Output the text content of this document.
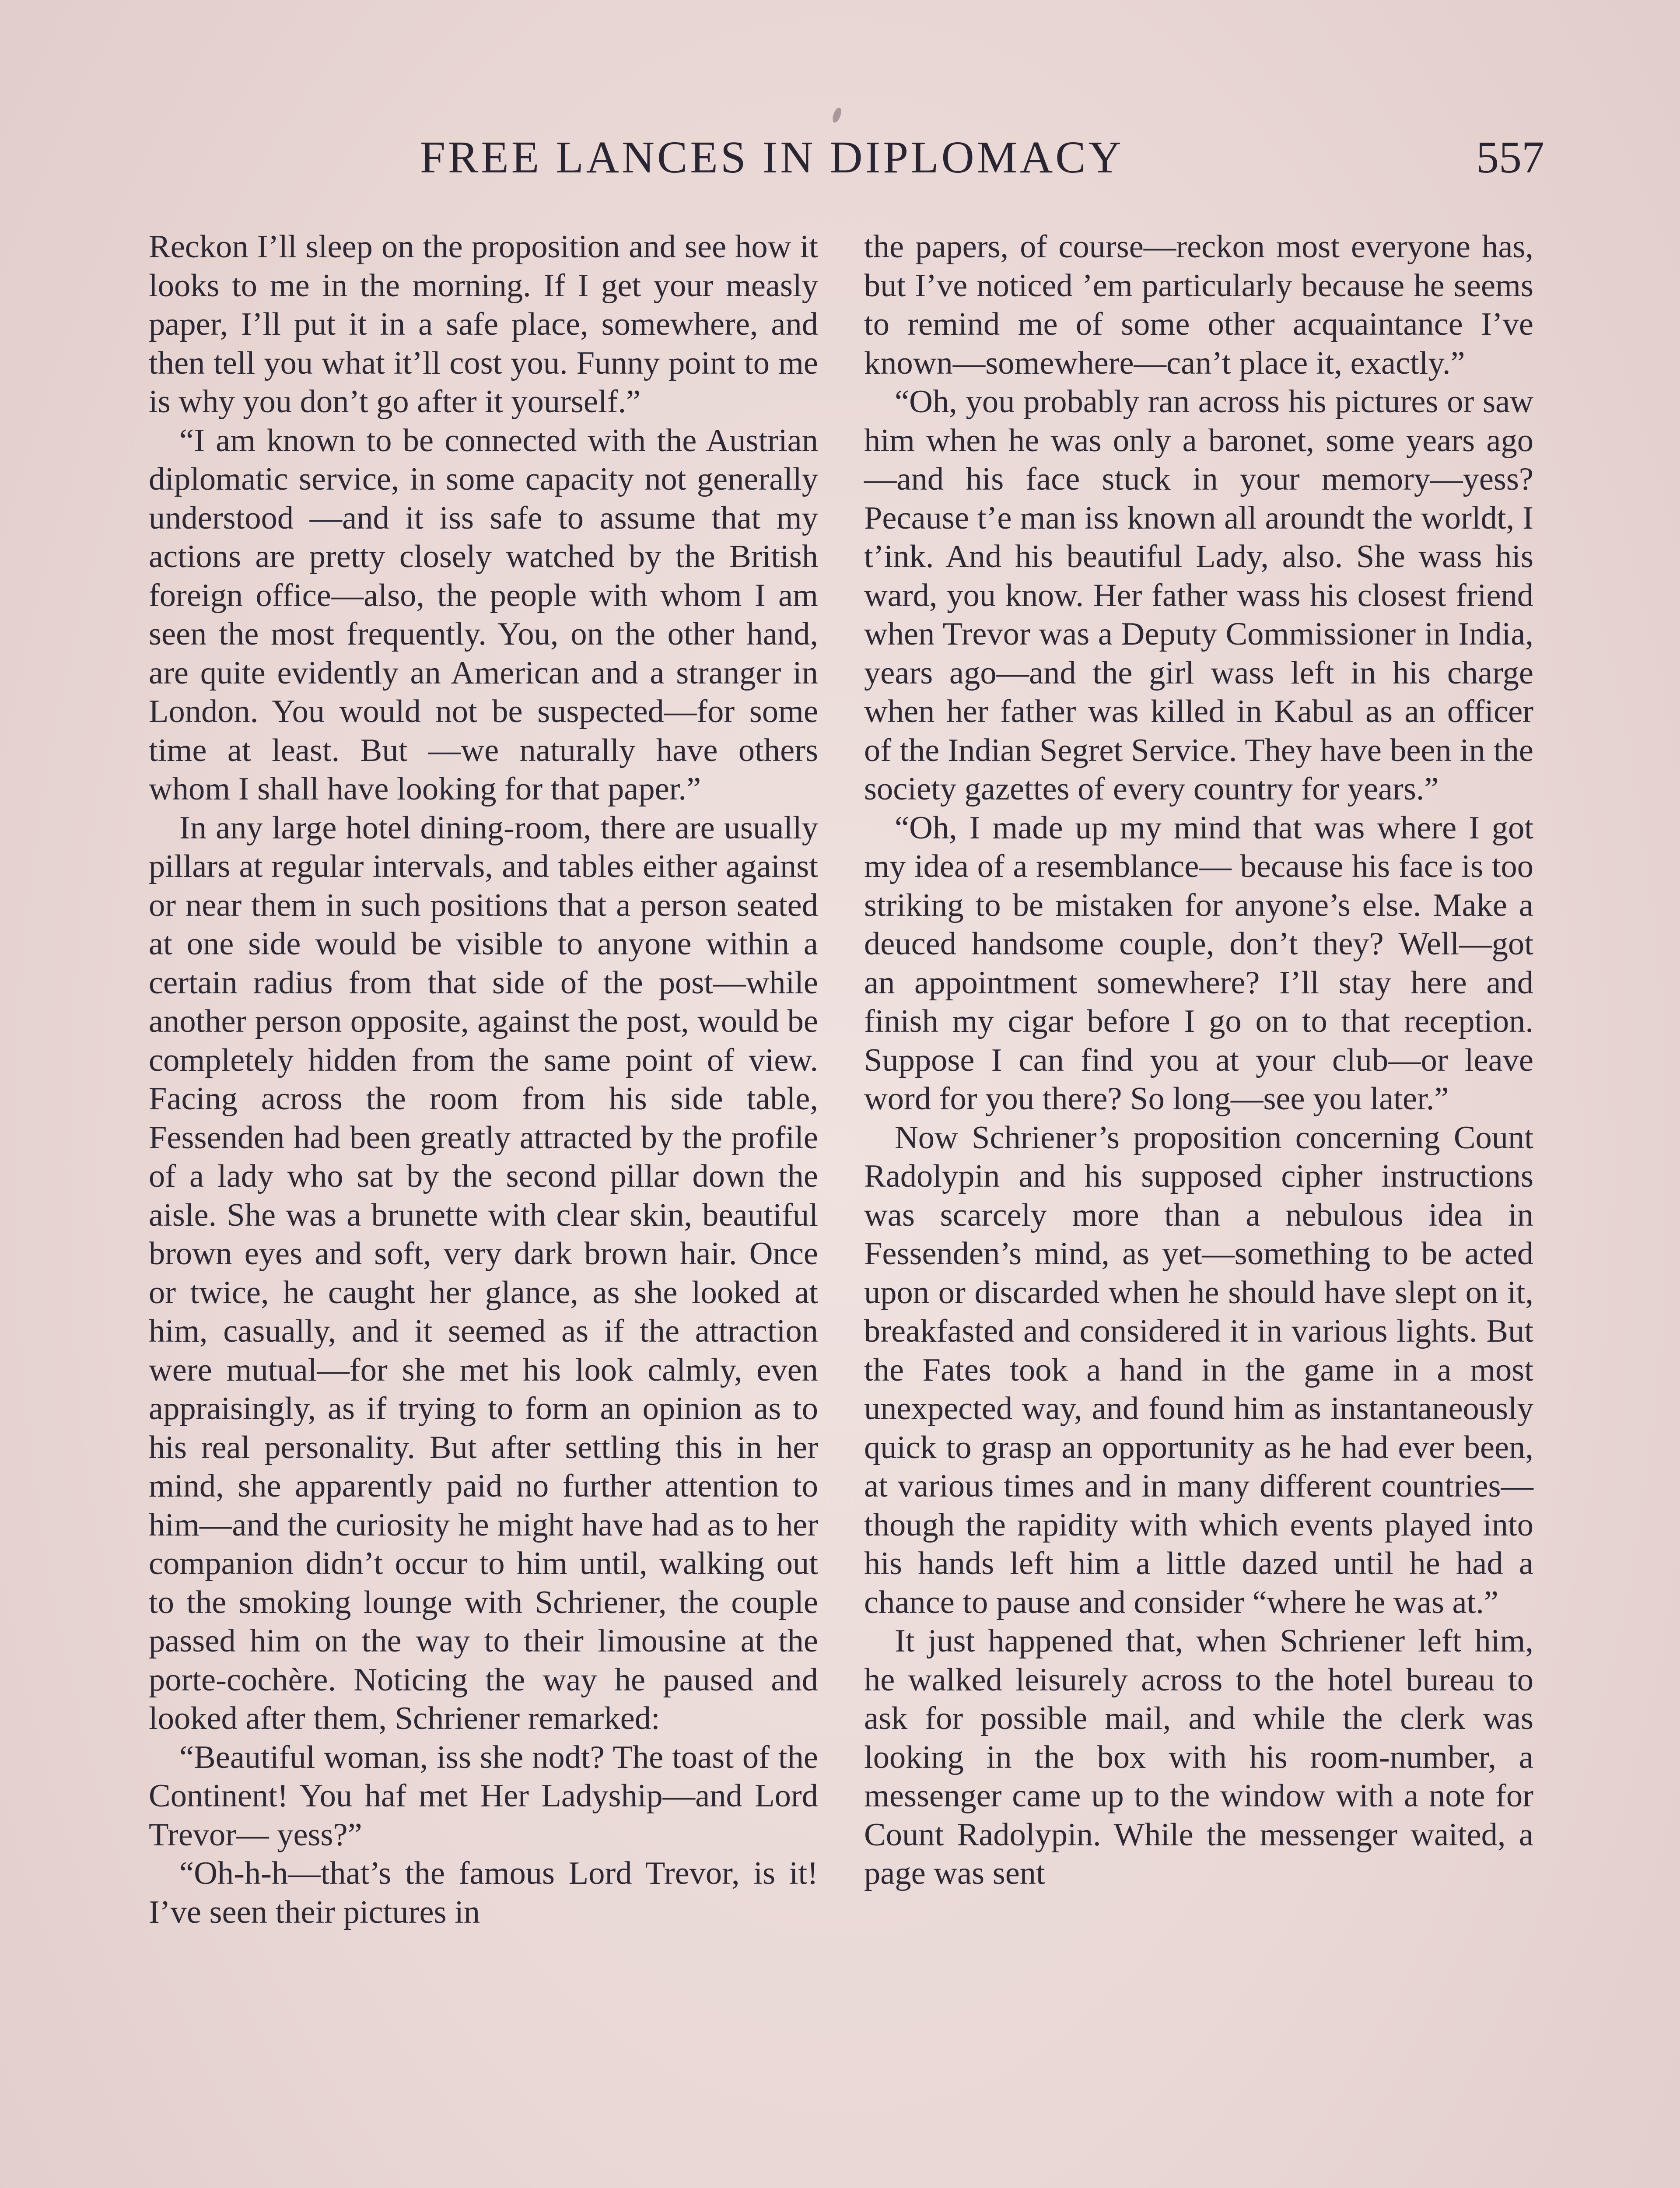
FREE LANCES IN DIPLOMACY	557

Reckon I’ll sleep on the proposition and see how it looks to me in the morning. If I get your measly paper, I’ll put it in a safe place, somewhere, and then tell you what it’ll cost you. Funny point to me is why you don’t go after it yourself.”

“I am known to be connected with the Austrian diplomatic service, in some capacity not generally understood —and it iss safe to assume that my actions are pretty closely watched by the British foreign office—also, the people with whom I am seen the most frequently. You, on the other hand, are quite evidently an American and a stranger in London. You would not be suspected—for some time at least. But —we naturally have others whom I shall have looking for that paper.”

In any large hotel dining-room, there are usually pillars at regular intervals, and tables either against or near them in such positions that a person seated at one side would be visible to anyone within a certain radius from that side of the post—while another person opposite, against the post, would be completely hidden from the same point of view. Facing across the room from his side table, Fessenden had been greatly attracted by the profile of a lady who sat by the second pillar down the aisle. She was a brunette with clear skin, beautiful brown eyes and soft, very dark brown hair. Once or twice, he caught her glance, as she looked at him, casually, and it seemed as if the attraction were mutual—for she met his look calmly, even appraisingly, as if trying to form an opinion as to his real personality. But after settling this in her mind, she apparently paid no further attention to him—and the curiosity he might have had as to her companion didn’t occur to him until, walking out to the smoking lounge with Schriener, the couple passed him on the way to their limousine at the porte-cochère. Noticing the way he paused and looked after them, Schriener remarked:

“Beautiful woman, iss she nodt? The toast of the Continent! You haf met Her Ladyship—and Lord Trevor— yess?”

“Oh-h-h—that’s the famous Lord Trevor, is it! I’ve seen their pictures in

the papers, of course—reckon most everyone has, but I’ve noticed ’em particularly because he seems to remind me of some other acquaintance I’ve known—somewhere—can’t place it, exactly.”

“Oh, you probably ran across his pictures or saw him when he was only a baronet, some years ago—and his face stuck in your memory—yess? Pecause t’e man iss known all aroundt the worldt, I t’ink. And his beautiful Lady, also. She wass his ward, you know. Her father wass his closest friend when Trevor was a Deputy Commissioner in India, years ago—and the girl wass left in his charge when her father was killed in Kabul as an officer of the Indian Segret Service. They have been in the society gazettes of every country for years.”

“Oh, I made up my mind that was where I got my idea of a resemblance— because his face is too striking to be mistaken for anyone’s else. Make a deuced handsome couple, don’t they? Well—got an appointment somewhere? I’ll stay here and finish my cigar before I go on to that reception. Suppose I can find you at your club—or leave word for you there? So long—see you later.”

Now Schriener’s proposition concerning Count Radolypin and his supposed cipher instructions was scarcely more than a nebulous idea in Fessenden’s mind, as yet—something to be acted upon or discarded when he should have slept on it, breakfasted and considered it in various lights. But the Fates took a hand in the game in a most unexpected way, and found him as instantaneously quick to grasp an opportunity as he had ever been, at various times and in many different countries— though the rapidity with which events played into his hands left him a little dazed until he had a chance to pause and consider “where he was at.”

It just happened that, when Schriener left him, he walked leisurely across to the hotel bureau to ask for possible mail, and while the clerk was looking in the box with his room-number, a messenger came up to the window with a note for Count Radolypin. While the messenger waited, a page was sent
